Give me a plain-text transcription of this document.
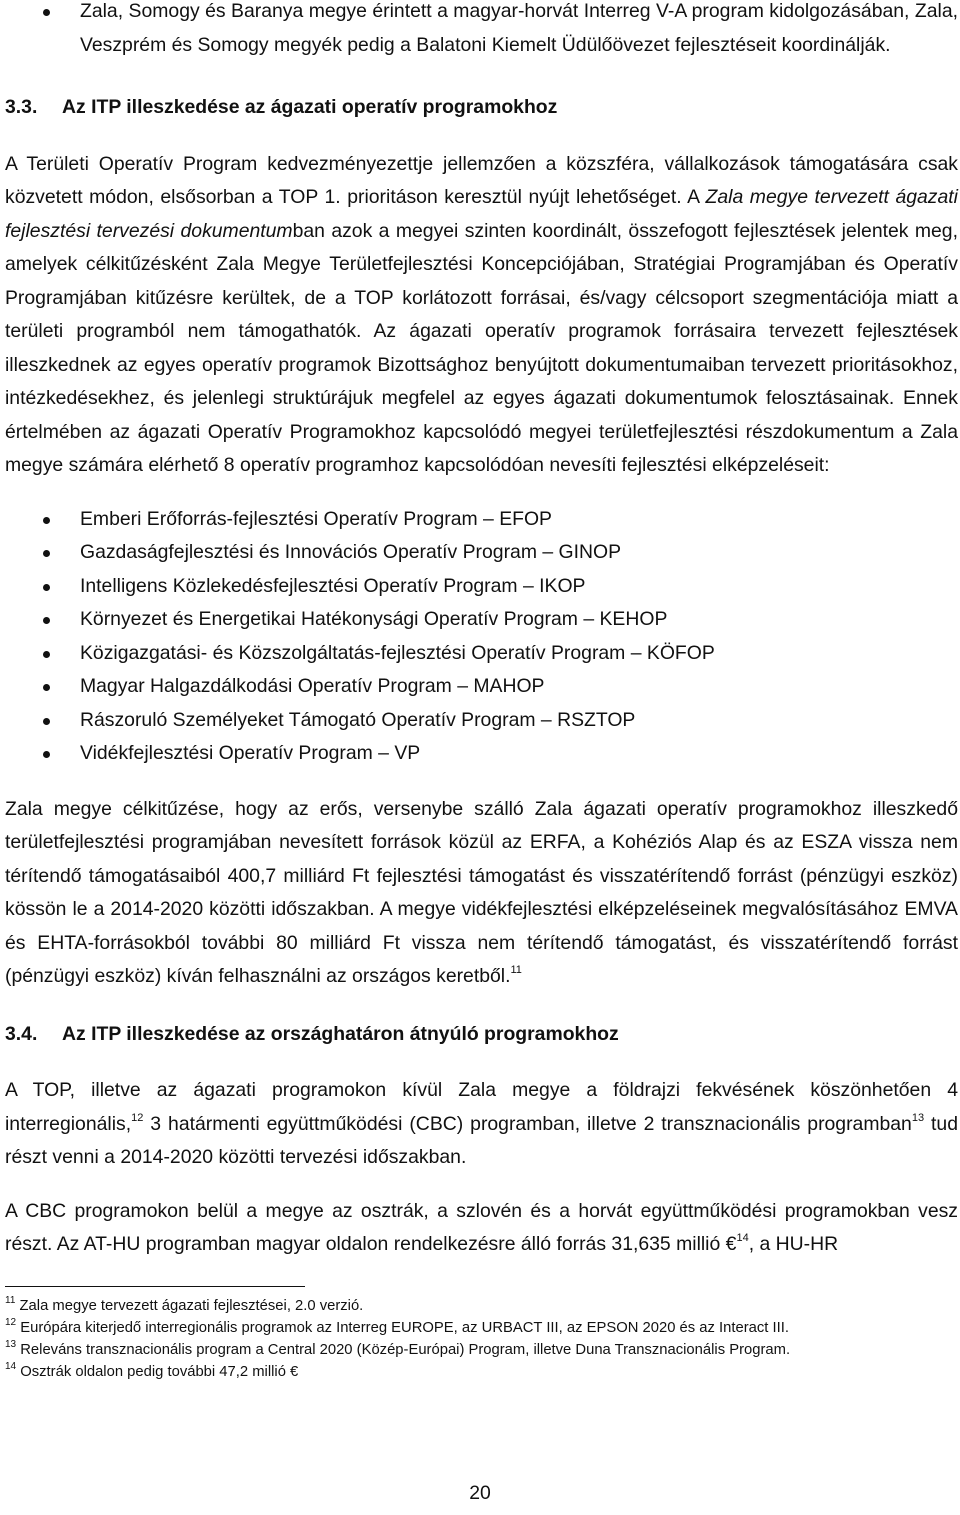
Zala, Somogy és Baranya megye érintett a magyar-horvát Interreg V-A program kidolgozásában, Zala, Veszprém és Somogy megyék pedig a Balatoni Kiemelt Üdülőövezet fejlesztéseit koordinálják.

3.3. Az ITP illeszkedése az ágazati operatív programokhoz

A Területi Operatív Program kedvezményezettje jellemzően a közszféra, vállalkozások támogatására csak közvetett módon, elsősorban a TOP 1. prioritáson keresztül nyújt lehetőséget. A Zala megye tervezett ágazati fejlesztési tervezési dokumentumban azok a megyei szinten koordinált, összefogott fejlesztések jelentek meg, amelyek célkitűzésként Zala Megye Területfejlesztési Koncepciójában, Stratégiai Programjában és Operatív Programjában kitűzésre kerültek, de a TOP korlátozott forrásai, és/vagy célcsoport szegmentációja miatt a területi programból nem támogathatók. Az ágazati operatív programok forrásaira tervezett fejlesztések illeszkednek az egyes operatív programok Bizottsághoz benyújtott dokumentumaiban tervezett prioritásokhoz, intézkedésekhez, és jelenlegi struktúrájuk megfelel az egyes ágazati dokumentumok felosztásainak. Ennek értelmében az ágazati Operatív Programokhoz kapcsolódó megyei területfejlesztési részdokumentum a Zala megye számára elérhető 8 operatív programhoz kapcsolódóan nevesíti fejlesztési elképzeléseit:

Emberi Erőforrás-fejlesztési Operatív Program – EFOP

Gazdaságfejlesztési és Innovációs Operatív Program – GINOP

Intelligens Közlekedésfejlesztési Operatív Program – IKOP

Környezet és Energetikai Hatékonysági Operatív Program – KEHOP

Közigazgatási- és Közszolgáltatás-fejlesztési Operatív Program – KÖFOP

Magyar Halgazdálkodási Operatív Program – MAHOP

Rászoruló Személyeket Támogató Operatív Program – RSZTOP

Vidékfejlesztési Operatív Program – VP

Zala megye célkitűzése, hogy az erős, versenybe szálló Zala ágazati operatív programokhoz illeszkedő területfejlesztési programjában nevesített források közül az ERFA, a Kohéziós Alap és az ESZA vissza nem térítendő támogatásaiból 400,7 milliárd Ft fejlesztési támogatást és visszatérítendő forrást (pénzügyi eszköz) kössön le a 2014-2020 közötti időszakban. A megye vidékfejlesztési elképzeléseinek megvalósításához EMVA és EHTA-forrásokból további 80 milliárd Ft vissza nem térítendő támogatást, és visszatérítendő forrást (pénzügyi eszköz) kíván felhasználni az országos keretből.$^{11}$

3.4. Az ITP illeszkedése az országhatáron átnyúló programokhoz

A TOP, illetve az ágazati programokon kívül Zala megye a földrajzi fekvésének köszönhetően 4 interregionális,$^{12}$ 3 határmenti együttműködési (CBC) programban, illetve 2 transznacionális programban$^{13}$ tud részt venni a 2014-2020 közötti tervezési időszakban.

A CBC programokon belül a megye az osztrák, a szlovén és a horvát együttműködési programokban vesz részt. Az AT-HU programban magyar oldalon rendelkezésre álló forrás 31,635 millió €$^{14}$, a HU-HR

$^{11}$ Zala megye tervezett ágazati fejlesztései, 2.0 verzió.

$^{12}$ Európára kiterjedő interregionális programok az Interreg EUROPE, az URBACT III, az EPSON 2020 és az Interact III.

$^{13}$ Releváns transznacionális program a Central 2020 (Közép-Európai) Program, illetve Duna Transznacionális Program.

$^{14}$ Osztrák oldalon pedig további 47,2 millió €

20
